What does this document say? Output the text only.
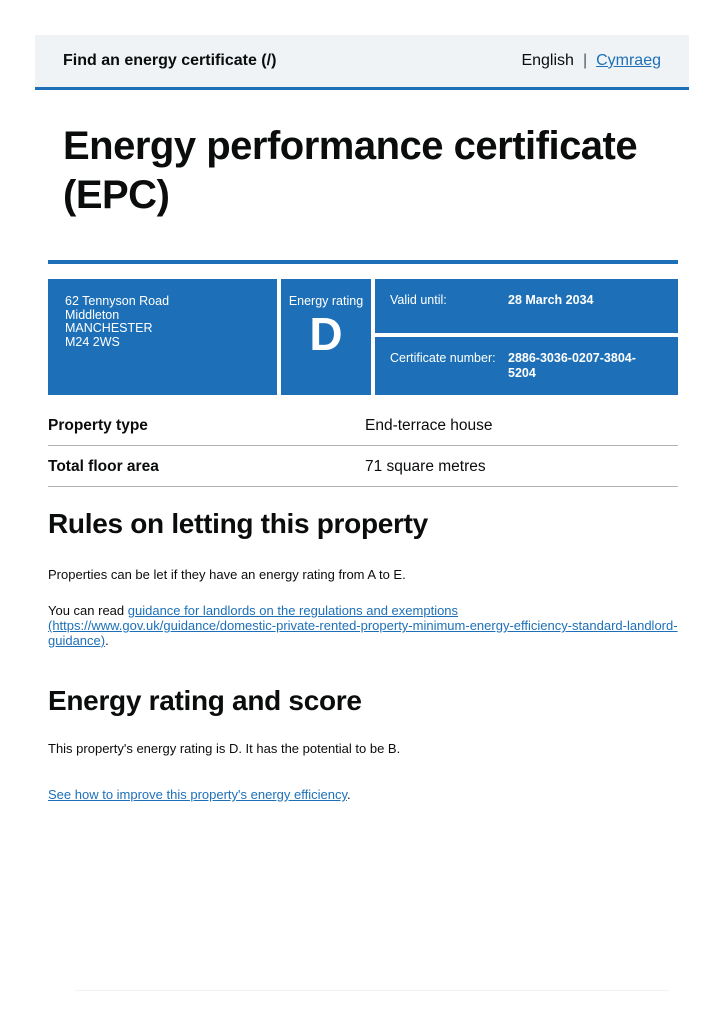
Find an energy certificate (/)	English | Cymraeg
Energy performance certificate (EPC)
62 Tennyson Road
Middleton
MANCHESTER
M24 2WS
Energy rating
D
Valid until:	28 March 2034
Certificate number: 2886-3036-0207-3804-5204
Property type	End-terrace house
Total floor area	71 square metres
Rules on letting this property

Properties can be let if they have an energy rating from A to E.

You can read guidance for landlords on the regulations and exemptions (https://www.gov.uk/guidance/domestic-private-rented-property-minimum-energy-efficiency-standard-landlord-guidance).

Energy rating and score

This property's energy rating is D. It has the potential to be B.

See how to improve this property's energy efficiency.
